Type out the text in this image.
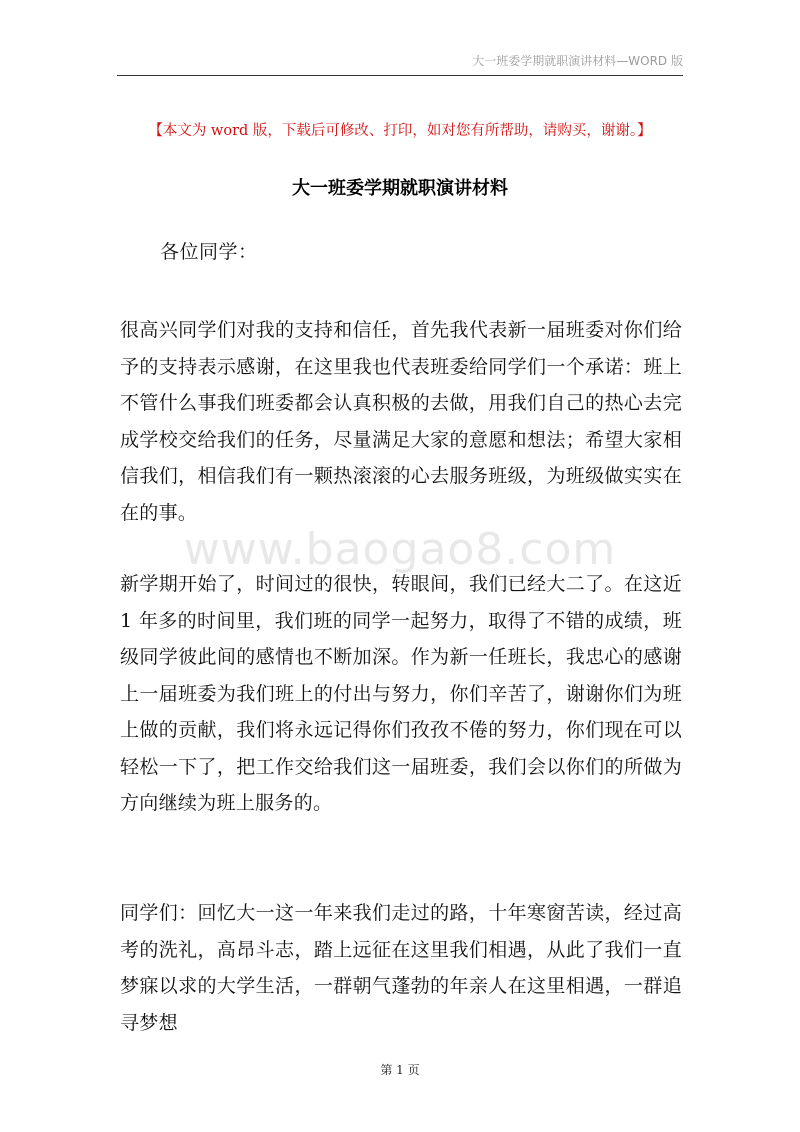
大一班委学期就职演讲材料—WORD 版
【本文为 word 版，下载后可修改、打印，如对您有所帮助，请购买，谢谢。】
大一班委学期就职演讲材料
各位同学：
很高兴同学们对我的支持和信任，首先我代表新一届班委对你们给予的支持表示感谢，在这里我也代表班委给同学们一个承诺：班上不管什么事我们班委都会认真积极的去做，用我们自己的热心去完成学校交给我们的任务，尽量满足大家的意愿和想法；希望大家相信我们，相信我们有一颗热滚滚的心去服务班级，为班级做实实在在的事。
www.baogao8.com
新学期开始了，时间过的很快，转眼间，我们已经大二了。在这近 1 年多的时间里，我们班的同学一起努力，取得了不错的成绩，班级同学彼此间的感情也不断加深。作为新一任班长，我忠心的感谢上一届班委为我们班上的付出与努力，你们辛苦了，谢谢你们为班上做的贡献，我们将永远记得你们孜孜不倦的努力，你们现在可以轻松一下了，把工作交给我们这一届班委，我们会以你们的所做为方向继续为班上服务的。
同学们：回忆大一这一年来我们走过的路，十年寒窗苦读，经过高考的洗礼，高昂斗志，踏上远征在这里我们相遇，从此了我们一直梦寐以求的大学生活，一群朝气蓬勃的年亲人在这里相遇，一群追寻梦想
第 1 页
